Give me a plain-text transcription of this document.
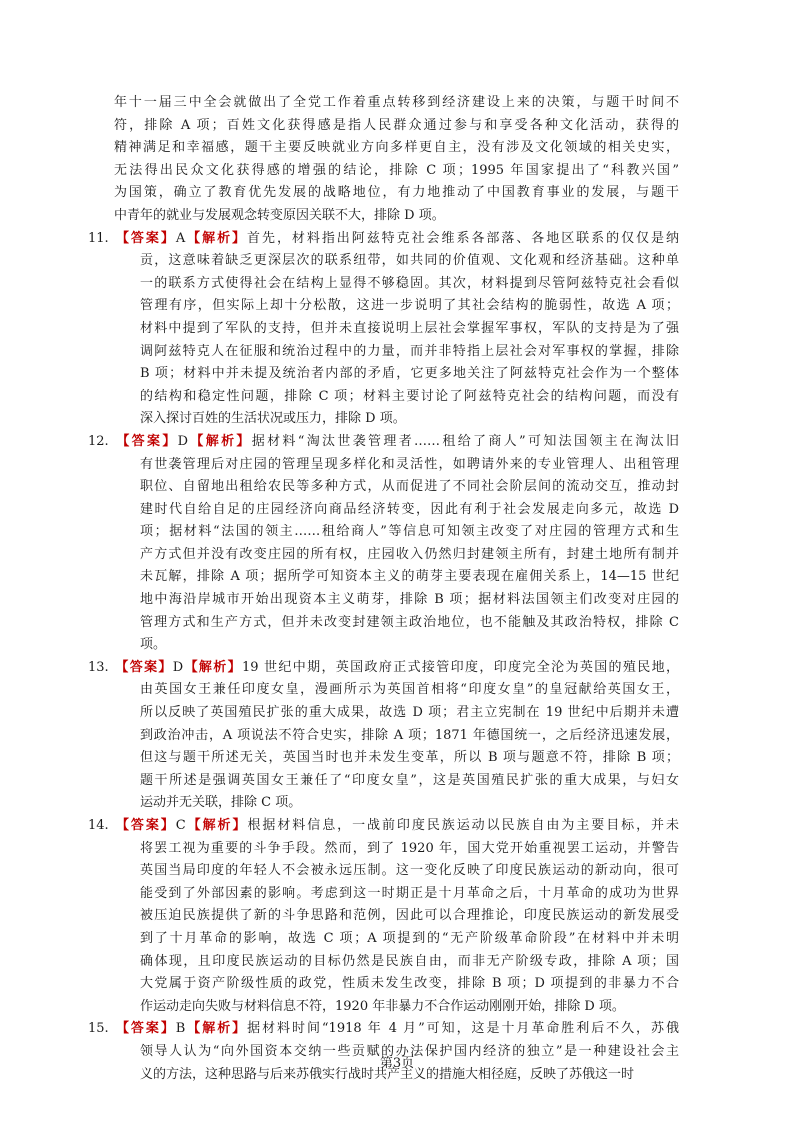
年十一届三中全会就做出了全党工作着重点转移到经济建设上来的决策，与题干时间不

符，排除 A 项；百姓文化获得感是指人民群众通过参与和享受各种文化活动，获得的

精神满足和幸福感，题干主要反映就业方向多样更自主，没有涉及文化领域的相关史实，

无法得出民众文化获得感的增强的结论，排除 C 项；1995 年国家提出了“科教兴国”

为国策，确立了教育优先发展的战略地位，有力地推动了中国教育事业的发展，与题干

中青年的就业与发展观念转变原因关联不大，排除 D 项。

11. 【答案】A【解析】首先，材料指出阿兹特克社会维系各部落、各地区联系的仅仅是纳

贡，这意味着缺乏更深层次的联系纽带，如共同的价值观、文化观和经济基础。这种单

一的联系方式使得社会在结构上显得不够稳固。其次，材料提到尽管阿兹特克社会看似

管理有序，但实际上却十分松散，这进一步说明了其社会结构的脆弱性，故选 A 项；

材料中提到了军队的支持，但并未直接说明上层社会掌握军事权，军队的支持是为了强

调阿兹特克人在征服和统治过程中的力量，而并非特指上层社会对军事权的掌握，排除

B 项；材料中并未提及统治者内部的矛盾，它更多地关注了阿兹特克社会作为一个整体

的结构和稳定性问题，排除 C 项；材料主要讨论了阿兹特克社会的结构问题，而没有

深入探讨百姓的生活状况或压力，排除 D 项。

12. 【答案】D【解析】据材料“淘汰世袭管理者……租给了商人”可知法国领主在淘汰旧

有世袭管理后对庄园的管理呈现多样化和灵活性，如聘请外来的专业管理人、出租管理

职位、自留地出租给农民等多种方式，从而促进了不同社会阶层间的流动交互，推动封

建时代自给自足的庄园经济向商品经济转变，因此有利于社会发展走向多元，故选 D

项；据材料“法国的领主……租给商人”等信息可知领主改变了对庄园的管理方式和生

产方式但并没有改变庄园的所有权，庄园收入仍然归封建领主所有，封建土地所有制并

未瓦解，排除 A 项；据所学可知资本主义的萌芽主要表现在雇佣关系上，14—15 世纪

地中海沿岸城市开始出现资本主义萌芽，排除 B 项；据材料法国领主们改变对庄园的

管理方式和生产方式，但并未改变封建领主政治地位，也不能触及其政治特权，排除 C

项。

13. 【答案】D【解析】19 世纪中期，英国政府正式接管印度，印度完全沦为英国的殖民地，

由英国女王兼任印度女皇，漫画所示为英国首相将“印度女皇”的皇冠献给英国女王，

所以反映了英国殖民扩张的重大成果，故选 D 项；君主立宪制在 19 世纪中后期并未遭

到政治冲击，A 项说法不符合史实，排除 A 项；1871 年德国统一，之后经济迅速发展，

但这与题干所述无关，英国当时也并未发生变革，所以 B 项与题意不符，排除 B 项；

题干所述是强调英国女王兼任了“印度女皇”，这是英国殖民扩张的重大成果，与妇女

运动并无关联，排除 C 项。

14. 【答案】C【解析】根据材料信息，一战前印度民族运动以民族自由为主要目标，并未

将罢工视为重要的斗争手段。然而，到了 1920 年，国大党开始重视罢工运动，并警告

英国当局印度的年轻人不会被永远压制。这一变化反映了印度民族运动的新动向，很可

能受到了外部因素的影响。考虑到这一时期正是十月革命之后，十月革命的成功为世界

被压迫民族提供了新的斗争思路和范例，因此可以合理推论，印度民族运动的新发展受

到了十月革命的影响，故选 C 项；A 项提到的“无产阶级革命阶段”在材料中并未明

确体现，且印度民族运动的目标仍然是民族自由，而非无产阶级专政，排除 A 项；国

大党属于资产阶级性质的政党，性质未发生改变，排除 B 项；D 项提到的非暴力不合

作运动走向失败与材料信息不符，1920 年非暴力不合作运动刚刚开始，排除 D 项。

15. 【答案】B【解析】据材料时间“1918 年 4 月”可知，这是十月革命胜利后不久，苏俄

领导人认为“向外国资本交纳一些贡赋的办法保护国内经济的独立”是一种建设社会主

义的方法，这种思路与后来苏俄实行战时共产主义的措施大相径庭，反映了苏俄这一时

第3页
